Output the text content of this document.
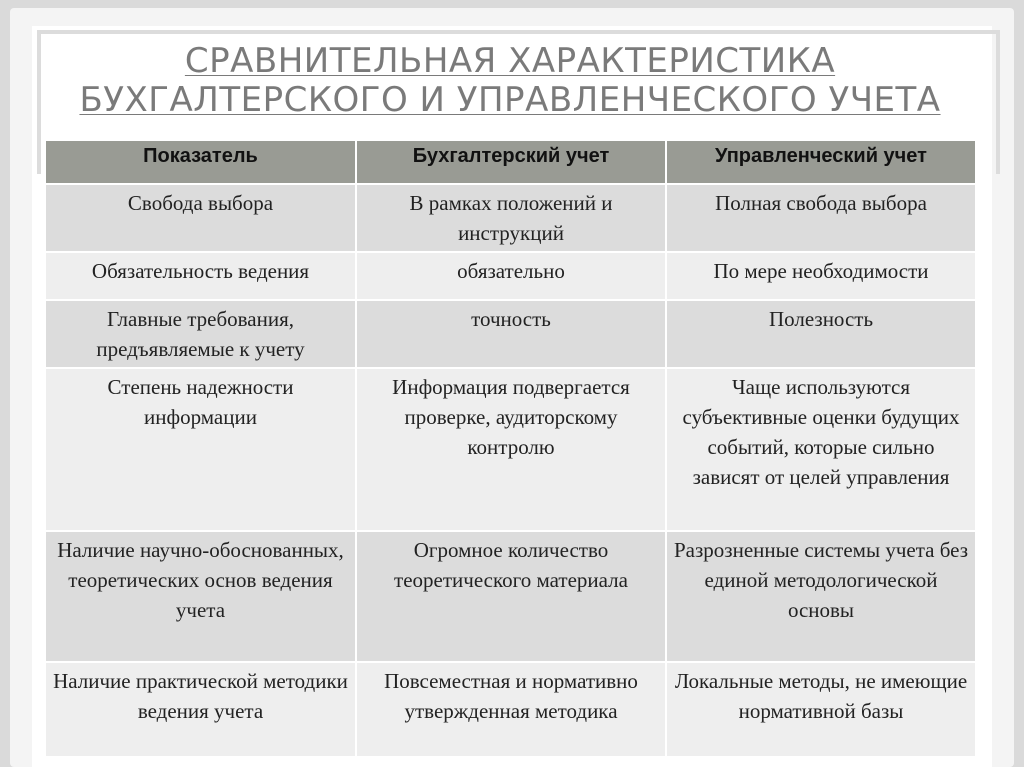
СРАВНИТЕЛЬНАЯ ХАРАКТЕРИСТИКА
БУХГАЛТЕРСКОГО И УПРАВЛЕНЧЕСКОГО УЧЕТА
Показатель	Бухгалтерский учет	Управленческий учет
Свобода выбора	В рамках положений и инструкций	Полная свобода выбора
Обязательность ведения	обязательно	По мере необходимости
Главные требования, предъявляемые к учету	точность	Полезность
Степень надежности информации	Информация подвергается проверке, аудиторскому контролю	Чаще используются субъективные оценки будущих событий, которые сильно зависят от целей управления
Наличие научно-обоснованных, теоретических основ ведения учета	Огромное количество теоретического материала	Разрозненные системы учета без единой методологической основы
Наличие практической методики ведения учета	Повсеместная и нормативно утвержденная методика	Локальные методы, не имеющие нормативной базы
